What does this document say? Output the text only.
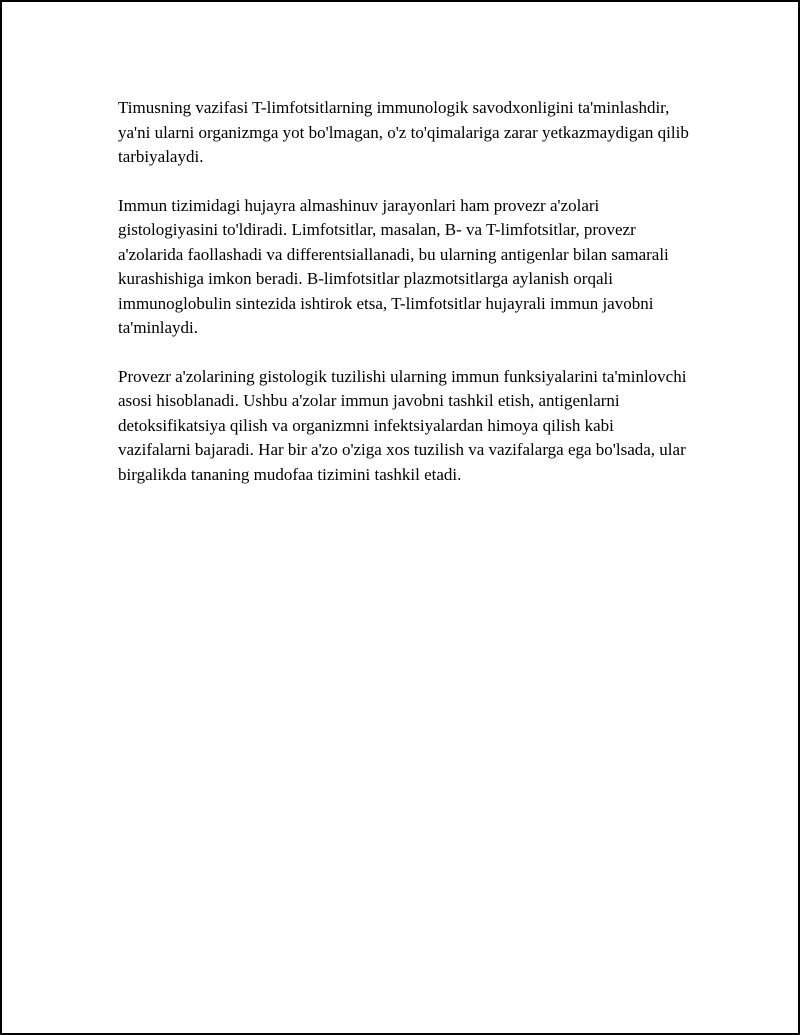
Timusning vazifasi T-limfotsitlarning immunologik savodxonligini ta'minlashdir, ya'ni ularni organizmga yot bo'lmagan, o'z to'qimalariga zarar yetkazmaydigan qilib tarbiyalaydi.

Immun tizimidagi hujayra almashinuv jarayonlari ham provezr a'zolari gistologiyasini to'ldiradi. Limfotsitlar, masalan, B- va T-limfotsitlar, provezr a'zolarida faollashadi va differentsiallanadi, bu ularning antigenlar bilan samarali kurashishiga imkon beradi. B-limfotsitlar plazmotsitlarga aylanish orqali immunoglobulin sintezida ishtirok etsa, T-limfotsitlar hujayrali immun javobni ta'minlaydi.

Provezr a'zolarining gistologik tuzilishi ularning immun funksiyalarini ta'minlovchi asosi hisoblanadi. Ushbu a'zolar immun javobni tashkil etish, antigenlarni detoksifikatsiya qilish va organizmni infektsiyalardan himoya qilish kabi vazifalarni bajaradi. Har bir a'zo o'ziga xos tuzilish va vazifalarga ega bo'lsada, ular birgalikda tananing mudofaa tizimini tashkil etadi.
